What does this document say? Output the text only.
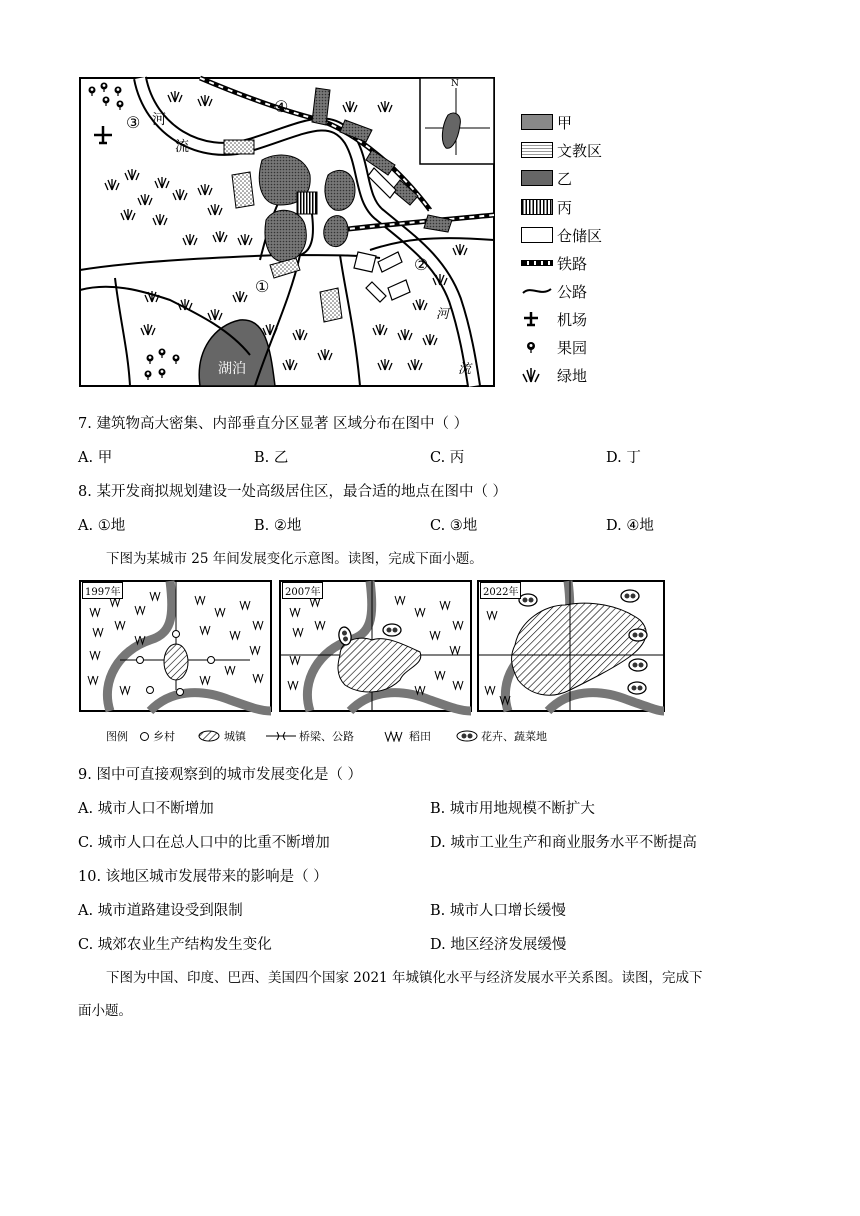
④
③
①
②
河
流
河
流
湖泊
N
甲
文教区
乙
丙
仓储区
铁路
公路
机场
果园
绿地
7. 建筑物高大密集、内部垂直分区显著 区域分布在图中（ ）
A. 甲	B. 乙	C. 丙	D. 丁
8. 某开发商拟规划建设一处高级居住区，最合适的地点在图中（ ）
A. ①地	B. ②地	C. ③地	D. ④地
下图为某城市 25 年间发展变化示意图。读图，完成下面小题。
1997年	2007年	2022年
图例 乡村	城镇	桥梁、公路	稻田	花卉、蔬菜地
9. 图中可直接观察到的城市发展变化是（ ）
A. 城市人口不断增加	B. 城市用地规模不断扩大
C. 城市人口在总人口中的比重不断增加	D. 城市工业生产和商业服务水平不断提高
10. 该地区城市发展带来的影响是（ ）
A. 城市道路建设受到限制	B. 城市人口增长缓慢
C. 城郊农业生产结构发生变化	D. 地区经济发展缓慢
下图为中国、印度、巴西、美国四个国家 2021 年城镇化水平与经济发展水平关系图。读图，完成下
面小题。
